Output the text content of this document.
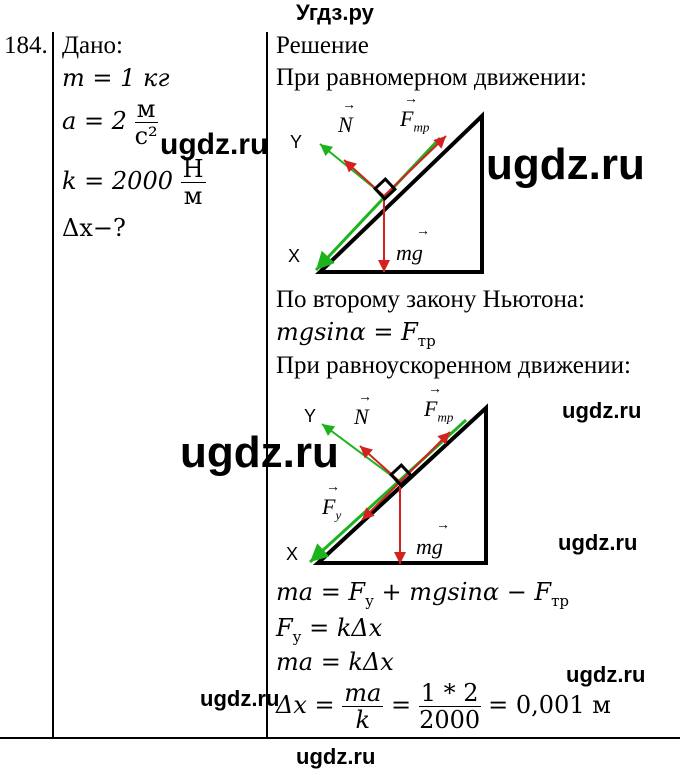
Угдз.ру
184. Дано:
m = 1 кг
$a = 2 \frac{м}{\text{с²}}$
$k = 2000 \frac{Н}{м}$
Δx−?
Решение
При равномерном движении:
Y
X
→
N
→
$F_{тр}$
→
mg
По второму закону Ньютона:
$mgsin\alpha = F_{тр}$
При равноускоренном движении:
Y
X
→
N
→
$F_{тр}$
→
$F_у$
→
mg
ma = $F_у + mgsin\alpha - F_{тр}$
$F_у = k\Delta x$
ma = kΔx
$\Delta x = \frac{ma}{k} = \frac{1 * 2}{2000} = 0,001$ м
ugdz.ru	ugdz.ru
ugdz.ru
ugdz.ru
ugdz.ru
ugdz.ru
ugdz.ru
ugdz.ru
